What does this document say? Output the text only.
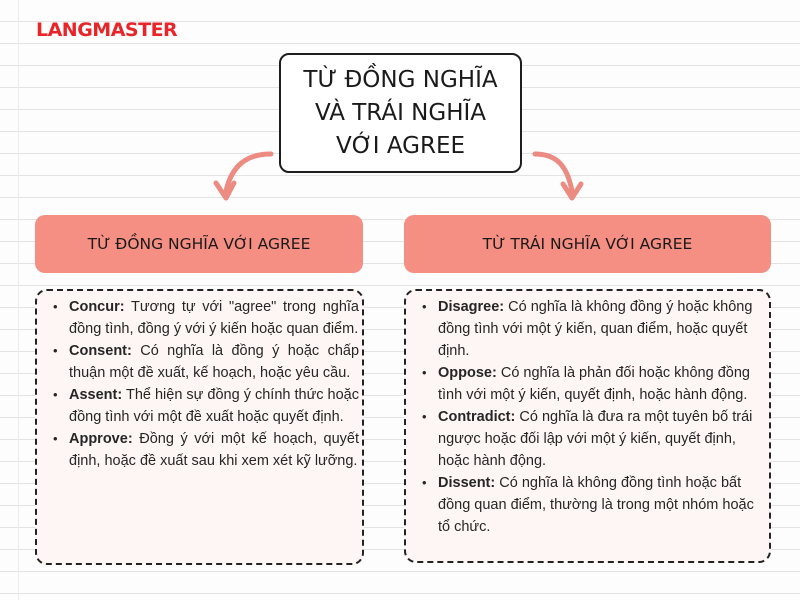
LANGMASTER
TỪ ĐỒNG NGHĨA
VÀ TRÁI NGHĨA
VỚI AGREE
TỪ ĐỒNG NGHĨA VỚI AGREE	TỪ TRÁI NGHĨA VỚI AGREE
• Concur: Tương tự với "agree" trong nghĩa đồng tình, đồng ý với ý kiến hoặc quan điểm.
• Consent: Có nghĩa là đồng ý hoặc chấp thuận một đề xuất, kế hoạch, hoặc yêu cầu.
• Assent: Thể hiện sự đồng ý chính thức hoặc đồng tình với một đề xuất hoặc quyết định.
• Approve: Đồng ý với một kế hoạch, quyết định, hoặc đề xuất sau khi xem xét kỹ lưỡng.
• Disagree: Có nghĩa là không đồng ý hoặc không đồng tình với một ý kiến, quan điểm, hoặc quyết định.
• Oppose: Có nghĩa là phản đối hoặc không đồng tình với một ý kiến, quyết định, hoặc hành động.
• Contradict: Có nghĩa là đưa ra một tuyên bố trái ngược hoặc đối lập với một ý kiến, quyết định, hoặc hành động.
• Dissent: Có nghĩa là không đồng tình hoặc bất đồng quan điểm, thường là trong một nhóm hoặc tổ chức.
